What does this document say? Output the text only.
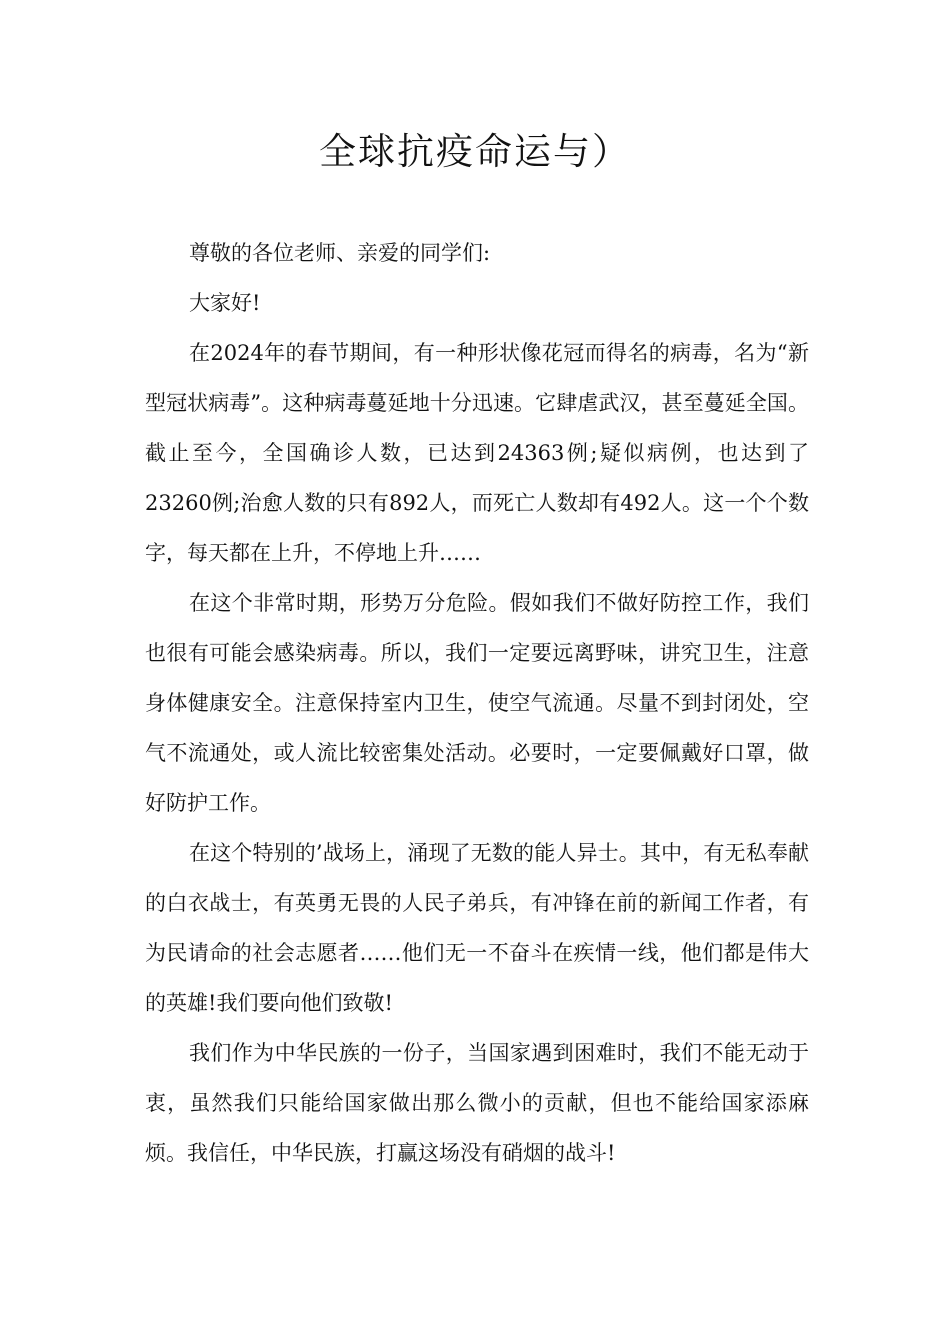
全球抗疫命运与）

尊敬的各位老师、亲爱的同学们:

大家好!

在2024年的春节期间，有一种形状像花冠而得名的病毒，名为“新型冠状病毒”。这种病毒蔓延地十分迅速。它肆虐武汉，甚至蔓延全国。截止至今，全国确诊人数，已达到24363例;疑似病例，也达到了23260例;治愈人数的只有892人，而死亡人数却有492人。这一个个数字，每天都在上升，不停地上升……

在这个非常时期，形势万分危险。假如我们不做好防控工作，我们也很有可能会感染病毒。所以，我们一定要远离野味，讲究卫生，注意身体健康安全。注意保持室内卫生，使空气流通。尽量不到封闭处，空气不流通处，或人流比较密集处活动。必要时，一定要佩戴好口罩，做好防护工作。

在这个特别的’战场上，涌现了无数的能人异士。其中，有无私奉献的白衣战士，有英勇无畏的人民子弟兵，有冲锋在前的新闻工作者，有为民请命的社会志愿者……他们无一不奋斗在疾情一线，他们都是伟大的英雄!我们要向他们致敬!

我们作为中华民族的一份子，当国家遇到困难时，我们不能无动于衷，虽然我们只能给国家做出那么微小的贡献，但也不能给国家添麻烦。我信任，中华民族，打赢这场没有硝烟的战斗!
